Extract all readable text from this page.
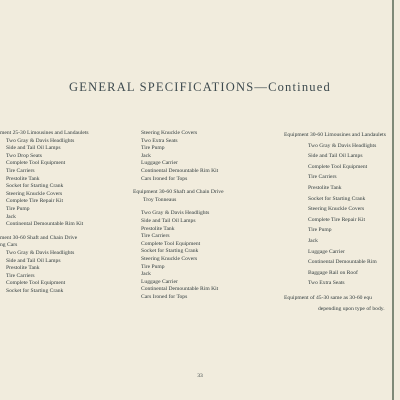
GENERAL SPECIFICATIONS—Continued
ment 25-30 Limousines and Landaulets
Two Gray & Davis Headlights
Side and Tail Oil Lamps
Two Drop Seats
Complete Tool Equipment
Tire Carriers
Prestolite Tank
Socket for Starting Crank
Steering Knuckle Covers
Complete Tire Repair Kit
Tire Pump
Jack
Continental Demountable Rim Kit
ment 30-60 Shaft and Chain Drive
ng Cars
Two Gray & Davis Headlights
Side and Tail Oil Lamps
Prestolite Tank
Tire Carriers
Complete Tool Equipment
Socket for Starting Crank
Steering Knuckle Covers
Two Extra Seats
Tire Pump
Jack
Luggage Carrier
Continental Demountable Rim Kit
Cars Ironed for Tops
Equipment 30-60 Shaft and Chain Drive
Troy Tonneaus
Two Gray & Davis Headlights
Side and Tail Oil Lamps
Prestolite Tank
Tire Carriers
Complete Tool Equipment
Socket for Starting Crank
Steering Knuckle Covers
Tire Pump
Jack
Luggage Carrier
Continental Demountable Rim Kit
Cars Ironed for Tops
Equipment 30-60 Limousines and Landaulets
Two Gray & Davis Headlights
Side and Tail Oil Lamps
Complete Tool Equipment
Tire Carriers
Prestolite Tank
Socket for Starting Crank
Steering Knuckle Covers
Complete Tire Repair Kit
Tire Pump
Jack
Luggage Carrier
Continental Demountable Rim
Baggage Rail on Roof
Two Extra Seats
Equipment of 45-30 same as 30-60 equ
depending upon type of body.
33
